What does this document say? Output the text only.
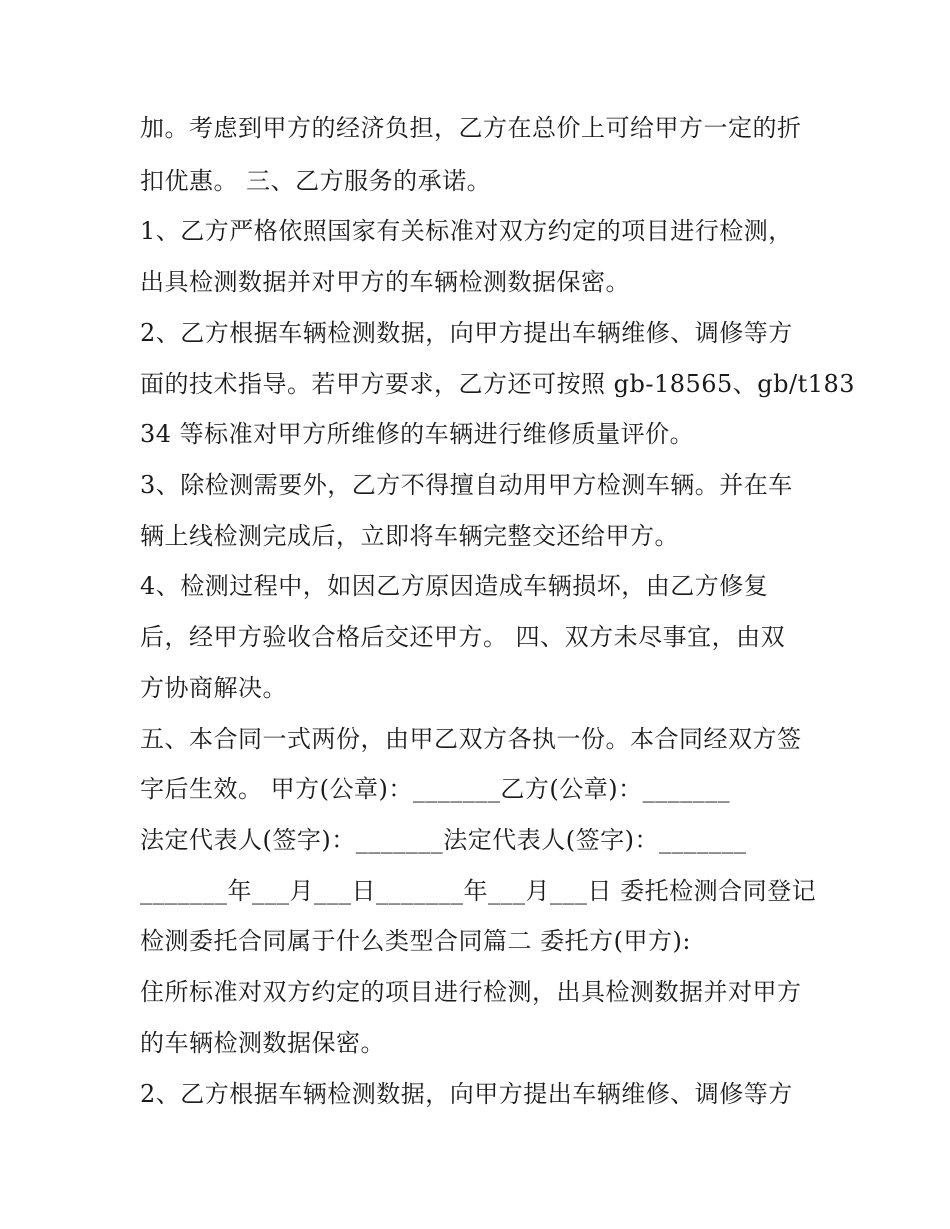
加。考虑到甲方的经济负担，乙方在总价上可给甲方一定的折
扣优惠。 三、乙方服务的承诺。
1、乙方严格依照国家有关标准对双方约定的项目进行检测，
出具检测数据并对甲方的车辆检测数据保密。
2、乙方根据车辆检测数据，向甲方提出车辆维修、调修等方
面的技术指导。若甲方要求，乙方还可按照 gb-18565、gb/t183
34 等标准对甲方所维修的车辆进行维修质量评价。
3、除检测需要外，乙方不得擅自动用甲方检测车辆。并在车
辆上线检测完成后，立即将车辆完整交还给甲方。
4、检测过程中，如因乙方原因造成车辆损坏，由乙方修复
后，经甲方验收合格后交还甲方。 四、双方未尽事宜，由双
方协商解决。
五、本合同一式两份，由甲乙双方各执一份。本合同经双方签
字后生效。 甲方(公章)：_______乙方(公章)：_______
法定代表人(签字)：_______法定代表人(签字)：_______
_______年___月___日_______年___月___日 委托检测合同登记
检测委托合同属于什么类型合同篇二 委托方(甲方):
住所标准对双方约定的项目进行检测，出具检测数据并对甲方
的车辆检测数据保密。
2、乙方根据车辆检测数据，向甲方提出车辆维修、调修等方
